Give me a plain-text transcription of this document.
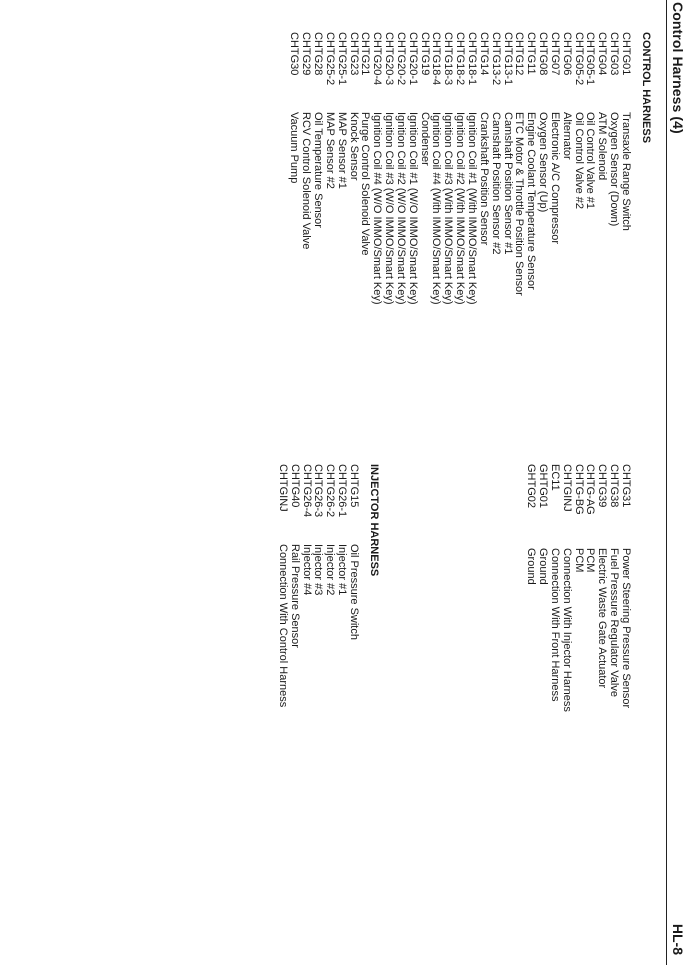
Control Harness (4)
HL-8
CONTROL HARNESS
CHTG01
Transaxle Range Switch
CHTG03
Oxygen Sensor (Down)
CHTG04
ATM Solenoid
CHTG05-1
Oil Control Valve #1
CHTG05-2
Oil Control Valve #2
CHTG06
Alternator
CHTG07
Electronic A/C Compressor
CHTG08
Oxygen Sensor (Up)
CHTG11
Engine Coolant Temperature Sensor
CHTG12
ETC Motor & Throttle Position Sensor
CHTG13-1
Camshaft Position Sensor #1
CHTG13-2
Camshaft Position Sensor #2
CHTG14
Crankshaft Position Sensor
CHTG18-1
Ignition Coil #1 (With IMMO/Smart Key)
CHTG18-2
Ignition Coil #2 (With IMMO/Smart Key)
CHTG18-3
Ignition Coil #3 (With IMMO/Smart Key)
CHTG18-4
Ignition Coil #4 (With IMMO/Smart Key)
CHTG19
Condenser
CHTG20-1
Ignition Coil #1 (W/O IMMO/Smart Key)
CHTG20-2
Ignition Coil #2 (W/O IMMO/Smart Key)
CHTG20-3
Ignition Coil #3 (W/O IMMO/Smart Key)
CHTG20-4
Ignition Coil #4 (W/O IMMO/Smart Key)
CHTG21
Purge Control Solenoid Valve
CHTG23
Knock Sensor
CHTG25-1
MAP Sensor #1
CHTG25-2
MAP Sensor #2
CHTG28
Oil Temperature Sensor
CHTG29
RCV Control Solenoid Valve
CHTG30
Vacuum Pump
CHTG31
Power Steering Pressure Sensor
CHTG38
Fuel Pressure Regulator Valve
CHTG39
Electric Waste Gate Actuator
CHTG-AG
PCM
CHTG-BG
PCM
CHTGINJ
Connection With Injector Harness
EC11
Connection With Front Harness
GHTG01
Ground
GHTG02
Ground
INJECTOR HARNESS
CHTG15
Oil Pressure Switch
CHTG26-1
Injector #1
CHTG26-2
Injector #2
CHTG26-3
Injector #3
CHTG26-4
Injector #4
CHTG40
Rail Pressure Sensor
CHTGINJ
Connection With Control Harness
